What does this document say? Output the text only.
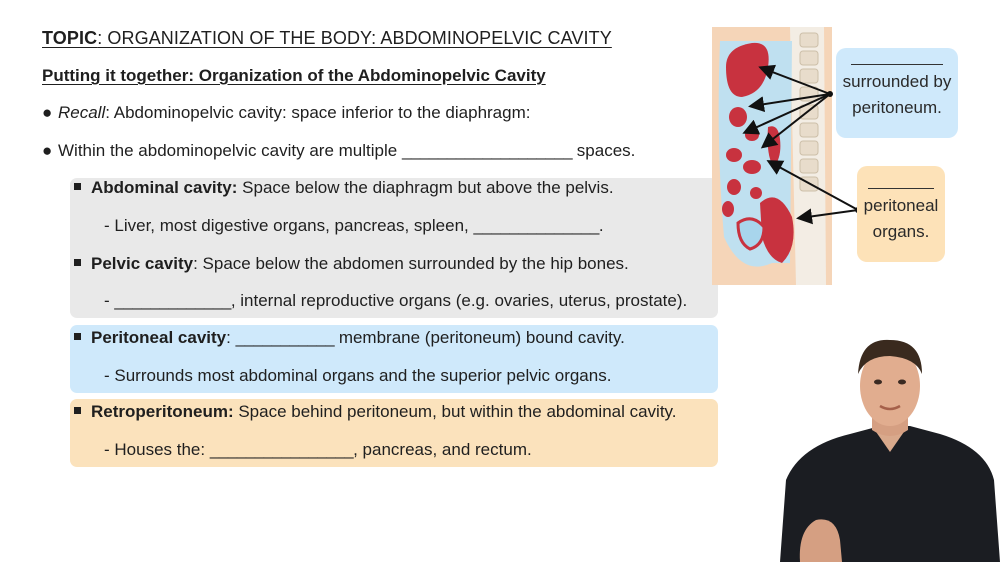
TOPIC: ORGANIZATION OF THE BODY: ABDOMINOPELVIC CAVITY
Putting it together: Organization of the Abdominopelvic Cavity
● Recall: Abdominopelvic cavity: space inferior to the diaphragm:
● Within the abdominopelvic cavity are multiple ___________________ spaces.
Abdominal cavity: Space below the diaphragm but above the pelvis.
- Liver, most digestive organs, pancreas, spleen, ______________.
Pelvic cavity: Space below the abdomen surrounded by the hip bones.
- _____________, internal reproductive organs (e.g. ovaries, uterus, prostate).
Peritoneal cavity: ___________ membrane (peritoneum) bound cavity.
- Surrounds most abdominal organs and the superior pelvic organs.
Retroperitoneum: Space behind peritoneum, but within the abdominal cavity.
- Houses the: ________________, pancreas, and rectum.
surrounded by
peritoneum.
peritoneal
organs.
